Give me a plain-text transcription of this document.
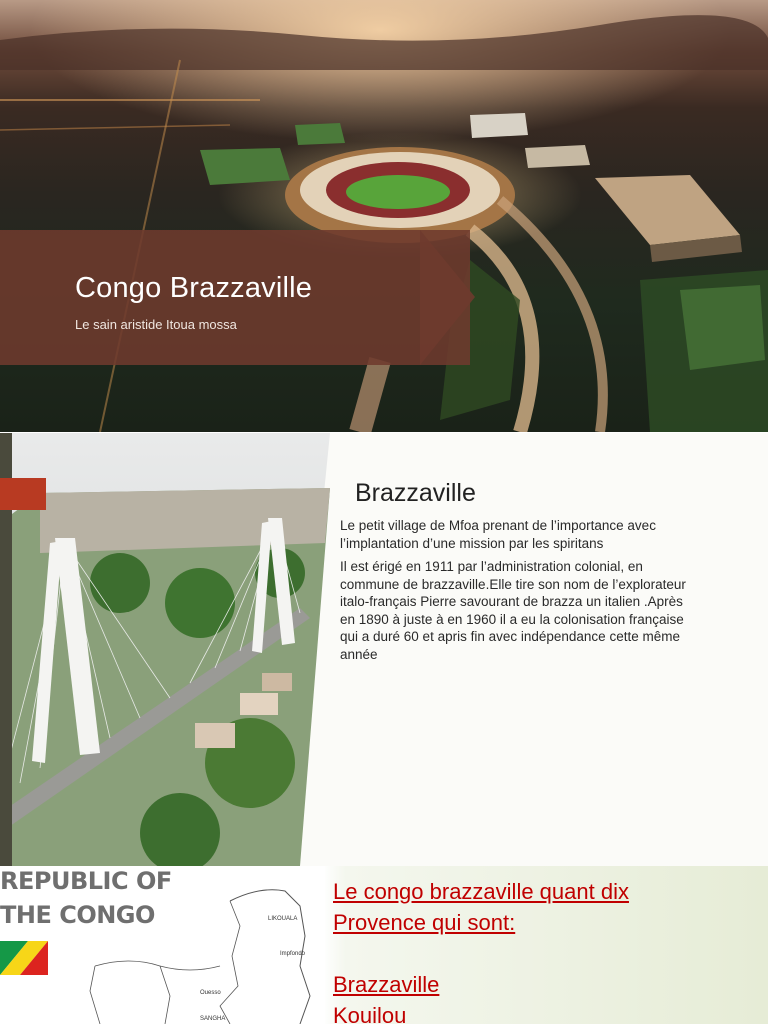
Congo Brazzaville
Le sain aristide Itoua mossa
Brazzaville

Le petit village de Mfoa prenant de l’importance avec l’implantation d’une mission par les spiritans

Il est érigé en 1911 par l’administration colonial, en commune de brazzaville.Elle tire son nom de l’explorateur italo-français Pierre savourant de brazza un italien .Après en 1890 à juste à en 1960 il a eu la colonisation française qui a duré 60 et apris fin avec indépendance cette même année

REPUBLIC OF
THE CONGO	LIKOUALA
Impfondo
Ouesso
SANGHA
Le congo brazzaville quant dix
Provence qui sont:
Brazzaville
Kouilou
